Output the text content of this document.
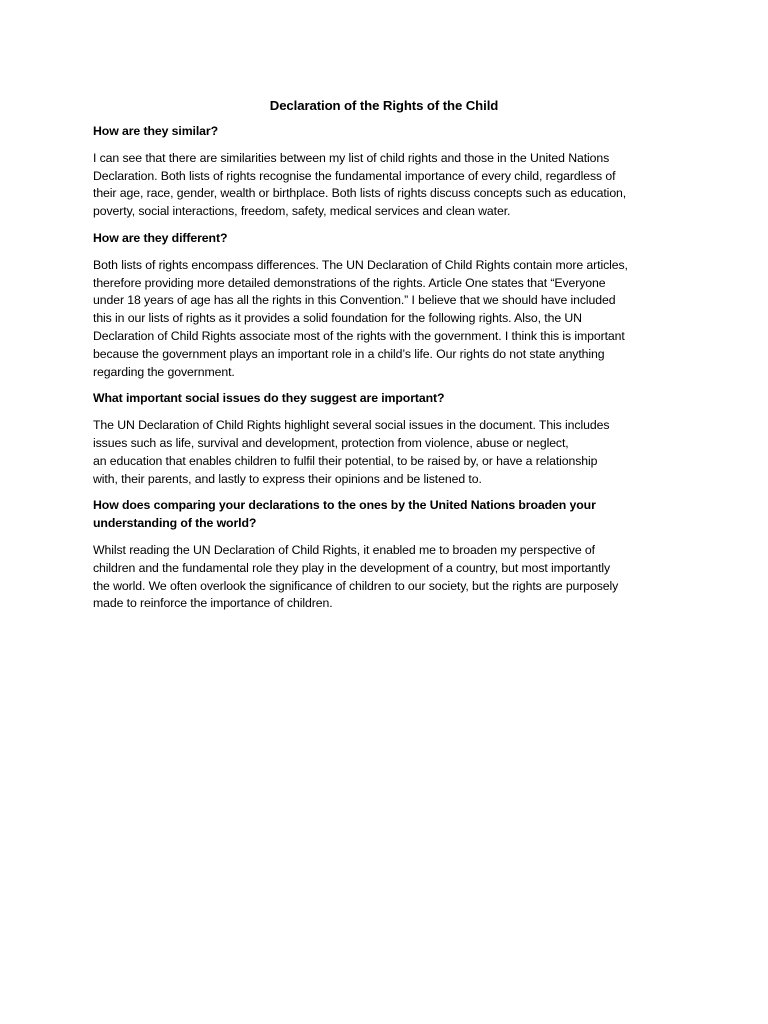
Declaration of the Rights of the Child
How are they similar?
I can see that there are similarities between my list of child rights and those in the United Nations
Declaration. Both lists of rights recognise the fundamental importance of every child, regardless of
their age, race, gender, wealth or birthplace. Both lists of rights discuss concepts such as education,
poverty, social interactions, freedom, safety, medical services and clean water.
How are they different?
Both lists of rights encompass differences. The UN Declaration of Child Rights contain more articles,
therefore providing more detailed demonstrations of the rights. Article One states that “Everyone
under 18 years of age has all the rights in this Convention.” I believe that we should have included
this in our lists of rights as it provides a solid foundation for the following rights. Also, the UN
Declaration of Child Rights associate most of the rights with the government. I think this is important
because the government plays an important role in a child’s life. Our rights do not state anything
regarding the government.
What important social issues do they suggest are important?
The UN Declaration of Child Rights highlight several social issues in the document. This includes
issues such as life, survival and development, protection from violence, abuse or neglect,
an education that enables children to fulfil their potential, to be raised by, or have a relationship
with, their parents, and lastly to express their opinions and be listened to.
How does comparing your declarations to the ones by the United Nations broaden your
understanding of the world?
Whilst reading the UN Declaration of Child Rights, it enabled me to broaden my perspective of
children and the fundamental role they play in the development of a country, but most importantly
the world. We often overlook the significance of children to our society, but the rights are purposely
made to reinforce the importance of children.
